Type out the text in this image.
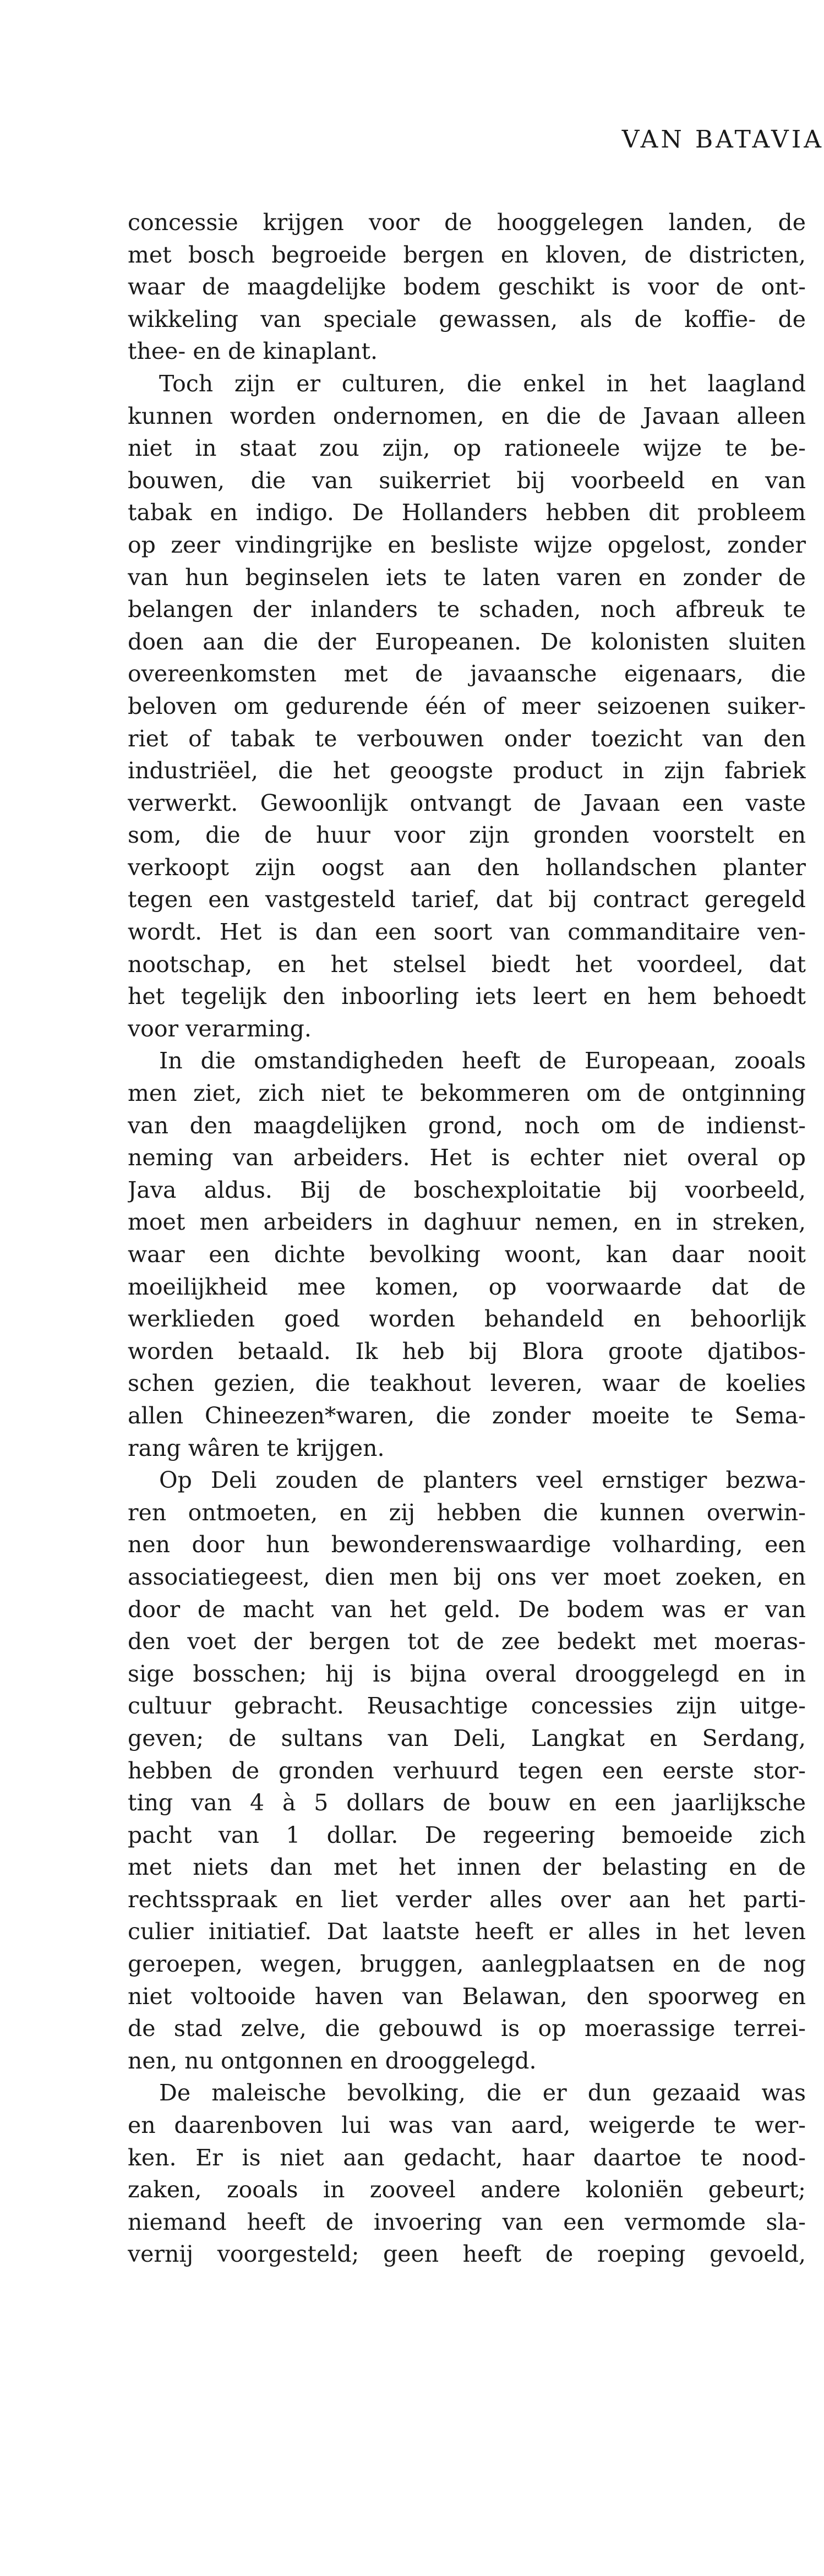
VAN BATAVIA
concessie krijgen voor de hooggelegen landen, de
met bosch begroeide bergen en kloven, de districten,
waar de maagdelijke bodem geschikt is voor de ont-
wikkeling van speciale gewassen, als de koffie- de
thee- en de kinaplant.
Toch zijn er culturen, die enkel in het laagland
kunnen worden ondernomen, en die de Javaan alleen
niet in staat zou zijn, op rationeele wijze te be-
bouwen, die van suikerriet bij voorbeeld en van
tabak en indigo. De Hollanders hebben dit probleem
op zeer vindingrijke en besliste wijze opgelost, zonder
van hun beginselen iets te laten varen en zonder de
belangen der inlanders te schaden, noch afbreuk te
doen aan die der Europeanen. De kolonisten sluiten
overeenkomsten met de javaansche eigenaars, die
beloven om gedurende één of meer seizoenen suiker-
riet of tabak te verbouwen onder toezicht van den
industriëel, die het geoogste product in zijn fabriek
verwerkt. Gewoonlijk ontvangt de Javaan een vaste
som, die de huur voor zijn gronden voorstelt en
verkoopt zijn oogst aan den hollandschen planter
tegen een vastgesteld tarief, dat bij contract geregeld
wordt. Het is dan een soort van commanditaire ven-
nootschap, en het stelsel biedt het voordeel, dat
het tegelijk den inboorling iets leert en hem behoedt
voor verarming.
In die omstandigheden heeft de Europeaan, zooals
men ziet, zich niet te bekommeren om de ontginning
van den maagdelijken grond, noch om de indienst-
neming van arbeiders. Het is echter niet overal op
Java aldus. Bij de boschexploitatie bij voorbeeld,
moet men arbeiders in daghuur nemen, en in streken,
waar een dichte bevolking woont, kan daar nooit
moeilijkheid mee komen, op voorwaarde dat de
werklieden goed worden behandeld en behoorlijk
worden betaald. Ik heb bij Blora groote djatibos-
schen gezien, die teakhout leveren, waar de koelies
allen Chineezen*waren, die zonder moeite te Sema-
rang wâren te krijgen.
Op Deli zouden de planters veel ernstiger bezwa-
ren ontmoeten, en zij hebben die kunnen overwin-
nen door hun bewonderenswaardige volharding, een
associatiegeest, dien men bij ons ver moet zoeken, en
door de macht van het geld. De bodem was er van
den voet der bergen tot de zee bedekt met moeras-
sige bosschen; hij is bijna overal drooggelegd en in
cultuur gebracht. Reusachtige concessies zijn uitge-
geven; de sultans van Deli, Langkat en Serdang,
hebben de gronden verhuurd tegen een eerste stor-
ting van 4 à 5 dollars de bouw en een jaarlijksche
pacht van 1 dollar. De regeering bemoeide zich
met niets dan met het innen der belasting en de
rechtsspraak en liet verder alles over aan het parti-
culier initiatief. Dat laatste heeft er alles in het leven
geroepen, wegen, bruggen, aanlegplaatsen en de nog
niet voltooide haven van Belawan, den spoorweg en
de stad zelve, die gebouwd is op moerassige terrei-
nen, nu ontgonnen en drooggelegd.
De maleische bevolking, die er dun gezaaid was
en daarenboven lui was van aard, weigerde te wer-
ken. Er is niet aan gedacht, haar daartoe te nood-
zaken, zooals in zooveel andere koloniën gebeurt;
niemand heeft de invoering van een vermomde sla-
vernij voorgesteld; geen heeft de roeping gevoeld,
